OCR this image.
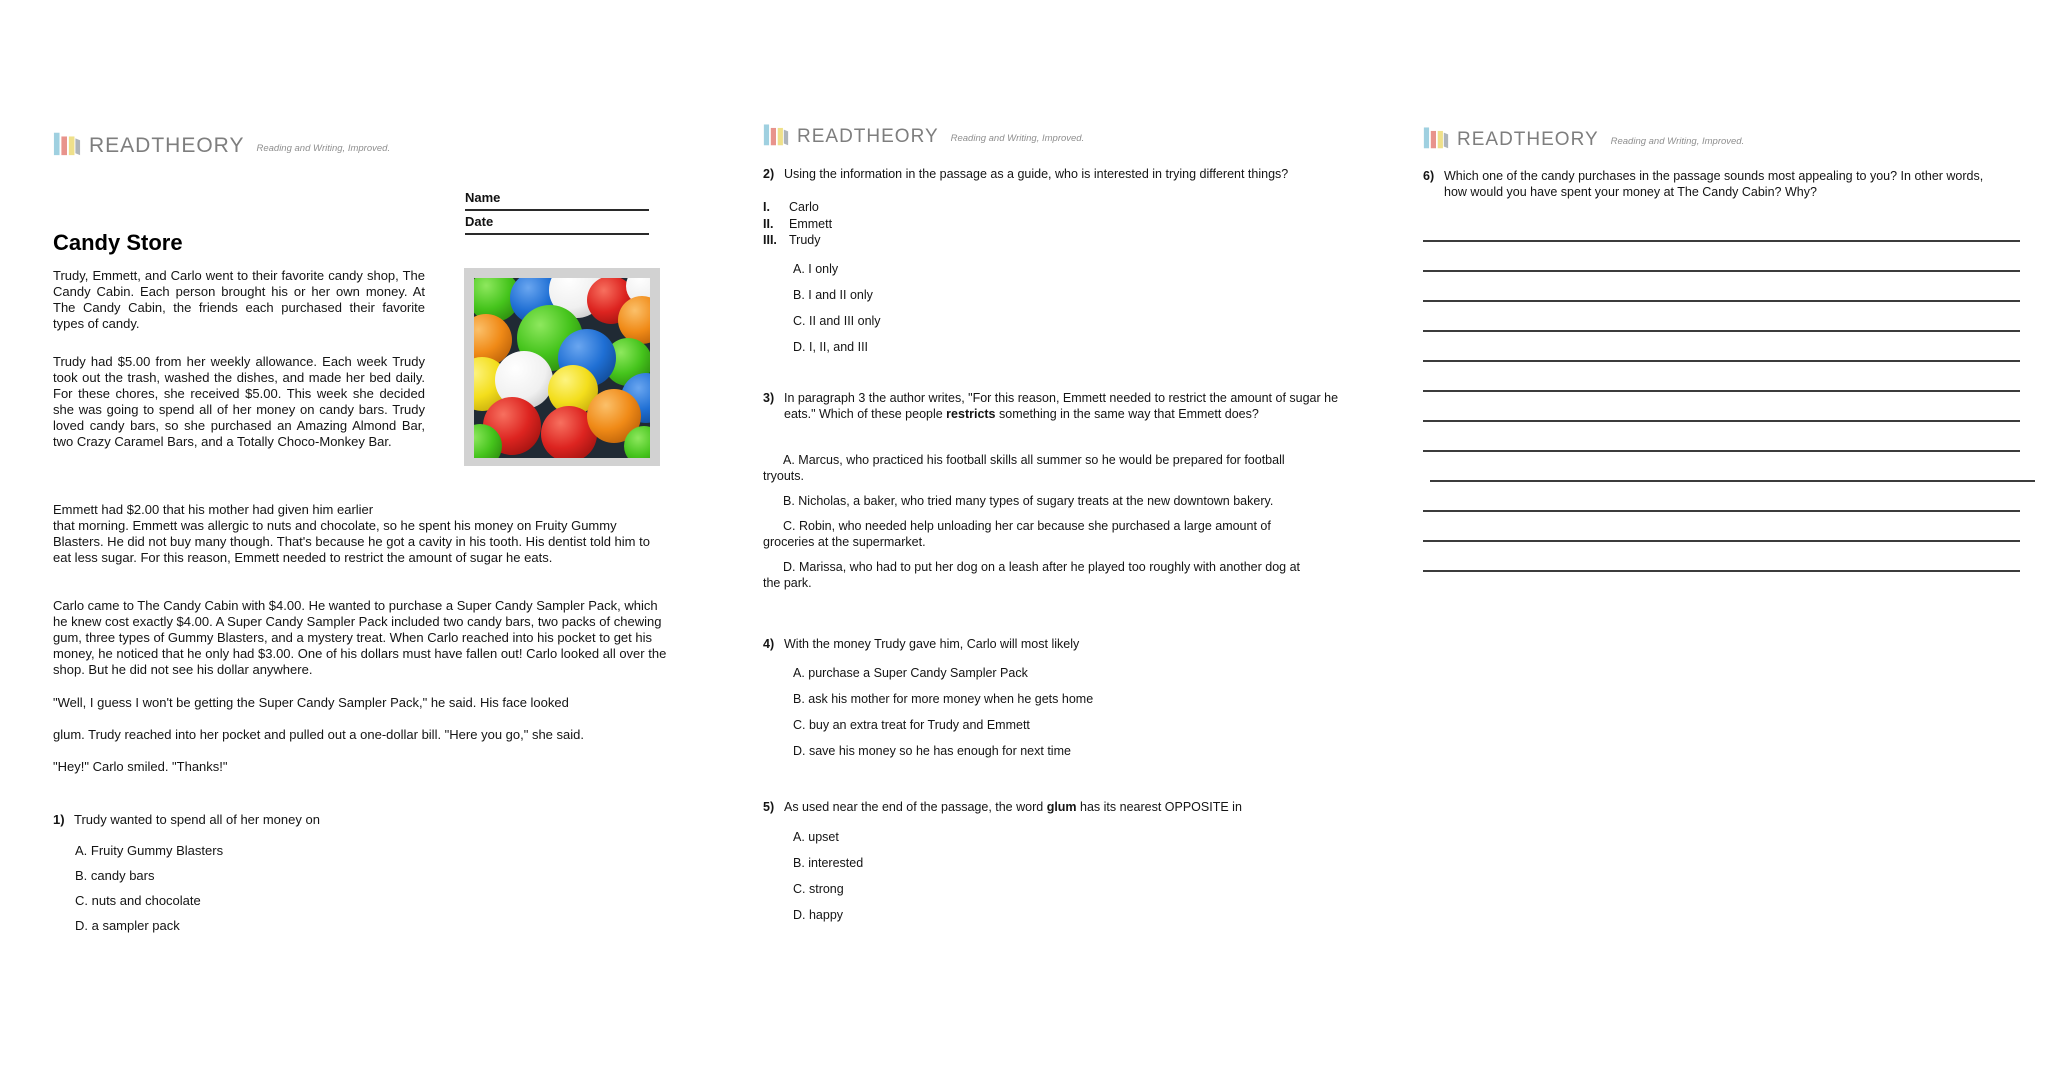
READTHEORY	Reading and Writing, Improved.
Name
Date
Candy Store
Trudy, Emmett, and Carlo went to their favorite candy shop, The Candy Cabin. Each person brought his or her own money. At The Candy Cabin, the friends each purchased their favorite types of candy.
Trudy had $5.00 from her weekly allowance. Each week Trudy took out the trash, washed the dishes, and made her bed daily. For these chores, she received $5.00. This week she decided she was going to spend all of her money on candy bars. Trudy loved candy bars, so she purchased an Amazing Almond Bar, two Crazy Caramel Bars, and a Totally Choco-Monkey Bar.
Emmett had $2.00 that his mother had given him earlier
that morning. Emmett was allergic to nuts and chocolate, so he spent his money on Fruity Gummy Blasters. He did not buy many though. That's because he got a cavity in his tooth. His dentist told him to eat less sugar. For this reason, Emmett needed to restrict the amount of sugar he eats.
Carlo came to The Candy Cabin with $4.00. He wanted to purchase a Super Candy Sampler Pack, which he knew cost exactly $4.00. A Super Candy Sampler Pack included two candy bars, two packs of chewing gum, three types of Gummy Blasters, and a mystery treat. When Carlo reached into his pocket to get his money, he noticed that he only had $3.00. One of his dollars must have fallen out! Carlo looked all over the shop. But he did not see his dollar anywhere.
"Well, I guess I won't be getting the Super Candy Sampler Pack," he said. His face looked
glum. Trudy reached into her pocket and pulled out a one-dollar bill. "Here you go," she said.
"Hey!" Carlo smiled. "Thanks!"
1) Trudy wanted to spend all of her money on
A. Fruity Gummy Blasters
B. candy bars
C. nuts and chocolate
D. a sampler pack
READTHEORY	Reading and Writing, Improved.
2) Using the information in the passage as a guide, who is interested in trying different things?
I. Carlo
II. Emmett
III. Trudy
A. I only
B. I and II only
C. II and III only
D. I, II, and III
3) In paragraph 3 the author writes, "For this reason, Emmett needed to restrict the amount of sugar he eats." Which of these people restricts something in the same way that Emmett does?
A. Marcus, who practiced his football skills all summer so he would be prepared for football tryouts.
B. Nicholas, a baker, who tried many types of sugary treats at the new downtown bakery.
C. Robin, who needed help unloading her car because she purchased a large amount of groceries at the supermarket.
D. Marissa, who had to put her dog on a leash after he played too roughly with another dog at the park.
4) With the money Trudy gave him, Carlo will most likely
A. purchase a Super Candy Sampler Pack
B. ask his mother for more money when he gets home
C. buy an extra treat for Trudy and Emmett
D. save his money so he has enough for next time
5) As used near the end of the passage, the word glum has its nearest OPPOSITE in
A. upset
B. interested
C. strong
D. happy
READTHEORY	Reading and Writing, Improved.
6) Which one of the candy purchases in the passage sounds most appealing to you? In other words, how would you have spent your money at The Candy Cabin? Why?
